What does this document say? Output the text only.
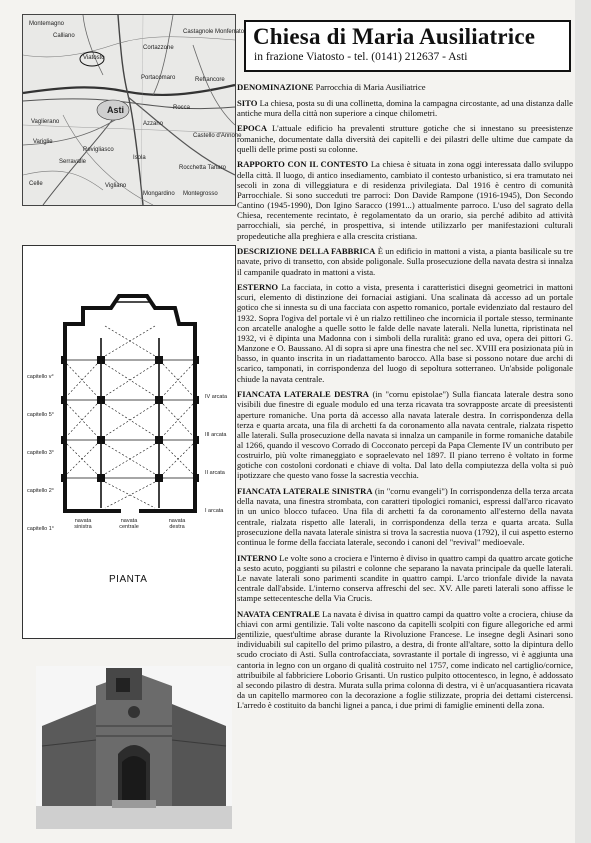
Montemagno
Calliano
Castagnole Monferrato
Refrancore
Viatosto
Portacomaro
Rocca
Castello d'Annone
Vaglierano
Variglie
Asti
Azzano
Rocchetta Tanaro
Serravalle
Revigliasco
Isola
Vigliano
Mongardino Montegrosso
Celle
Cortazzone
capitello v°
capitello 5°
capitello 3°
capitello 2°
capitello 1°
IV arcata
III arcata
II arcata
I arcata
navata sinistra
navata centrale
navata destra
PIANTA
Chiesa di Maria Ausiliatrice
in frazione Viatosto - tel. (0141) 212637 - Asti

DENOMINAZIONE Parrocchia di Maria Ausiliatrice

SITO La chiesa, posta su di una collinetta, domina la campagna circostante, ad una distanza dalle antiche mura della città non superiore a cinque chilometri.

EPOCA L'attuale edificio ha prevalenti strutture gotiche che si innestano su preesistenze romaniche, documentate dalla diversità dei capitelli e dei pilastri delle ultime due campate da quelli delle prime posti su colonne.

RAPPORTO CON IL CONTESTO La chiesa è situata in zona oggi interessata dallo sviluppo della città. Il luogo, di antico insediamento, cambiato il contesto urbanistico, si era tramutato nei secoli in zona di villeggiatura e di residenza privilegiata. Dal 1916 è centro di comunità Parrocchiale. Si sono succeduti tre parroci: Don Davide Rampone (1916-1945), Don Secondo Cantino (1945-1990), Don Igino Saracco (1991...) attualmente parroco. L'uso del sagrato della Chiesa, recentemente recintato, è regolamentato da un orario, sia perché adibito ad attività parrocchiali, sia perché, in prospettiva, si intende utilizzarlo per manifestazioni culturali propedeutiche alla preghiera e alla crescita cristiana.

DESCRIZIONE DELLA FABBRICA È un edificio in mattoni a vista, a pianta basilicale su tre navate, privo di transetto, con abside poligonale. Sulla prosecuzione della navata destra si innalza il campanile quadrato in mattoni a vista.

ESTERNO La facciata, in cotto a vista, presenta i caratteristici disegni geometrici in mattoni scuri, elemento di distinzione dei fornaciai astigiani. Una scalinata dà accesso ad un portale gotico che si innesta su di una facciata con aspetto romanico, portale evidenziato dal restauro del 1932. Sopra l'ogiva del portale vi è un rialzo rettilineo che incornicia il portale stesso, terminante con arcatelle analoghe a quelle sotto le falde delle navate laterali. Nella lunetta, ripristinata nel 1932, vi è dipinta una Madonna con i simboli della ruralità: grano ed uva, opera dei pittori G. Manzone e O. Baussano. Al di sopra si apre una finestra che nel sec. XVIII era posizionata più in basso, in quanto inscrita in un riadattamento barocco. Alla base si possono notare due archi di scarico, tamponati, in corrispondenza del luogo di sepoltura sotterraneo. Un'abside poligonale chiude la navata centrale.

FIANCATA LATERALE DESTRA (in "cornu epistolae") Sulla fiancata laterale destra sono visibili due finestre di eguale modulo ed una terza ricavata tra sovrapposte arcate di preesistenti aperture romaniche. Una porta dà accesso alla navata laterale destra. In corrispondenza della terza e quarta arcata, una fila di archetti fa da coronamento alla navata centrale, rialzata rispetto alle laterali. Sulla prosecuzione della navata si innalza un campanile in forme romaniche databile al 1266, quando il vescovo Corrado di Cocconato percepì da Papa Clemente IV un contributo per costruirlo, più volte rimaneggiato e sopraelevato nel 1897. Il piano terreno è voltato in forme gotiche con costoloni cordonati e chiave di volta. Dal lato della compiutezza della volta si può ipotizzare che questo vano fosse la sacrestia vecchia.

FIANCATA LATERALE SINISTRA (in "cornu evangeli") In corrispondenza della terza arcata della navata, una finestra strombata, con caratteri tipologici romanici, espressi dall'arco ricavato in un unico blocco tufaceo. Una fila di archetti fa da coronamento all'esterno della navata centrale, rialzata rispetto alle laterali, in corrispondenza della terza e quarta arcata. Sulla prosecuzione della navata laterale sinistra si trova la sacrestia nuova (1792), il cui aspetto esterno continua le forme della facciata laterale, secondo i canoni del "revival" medioevale.

INTERNO Le volte sono a crociera e l'interno è diviso in quattro campi da quattro arcate gotiche a sesto acuto, poggianti su pilastri e colonne che separano la navata principale da quelle laterali. Le navate laterali sono parimenti scandite in quattro campi. L'arco trionfale divide la navata centrale dall'abside. L'interno conserva affreschi del sec. XV. Alle pareti laterali sono affisse le stampe settecentesche della Via Crucis.

NAVATA CENTRALE La navata è divisa in quattro campi da quattro volte a crociera, chiuse da chiavi con armi gentilizie. Tali volte nascono da capitelli scolpiti con figure allegoriche ed armi gentilizie, quest'ultime abrase durante la Rivoluzione Francese. Le insegne degli Asinari sono individuabili sul capitello del primo pilastro, a destra, di fronte all'altare, sotto la dipintura dello scudo crociato di Asti. Sulla controfacciata, sovrastante il portale di ingresso, vi è aggiunta una cantoria in legno con un organo di qualità costruito nel 1757, come indicato nel cartiglio/cornice, attribuibile al fabbriciere Loborio Grisanti. Un rustico pulpito ottocentesco, in legno, è addossato al secondo pilastro di destra. Murata sulla prima colonna di destra, vi è un'acquasantiera ricavata da un capitello marmoreo con la decorazione a foglie stilizzate, propria dei dettami cistercensi. L'arredo è costituito da banchi lignei a panca, i due primi di famiglie eminenti della zona.
